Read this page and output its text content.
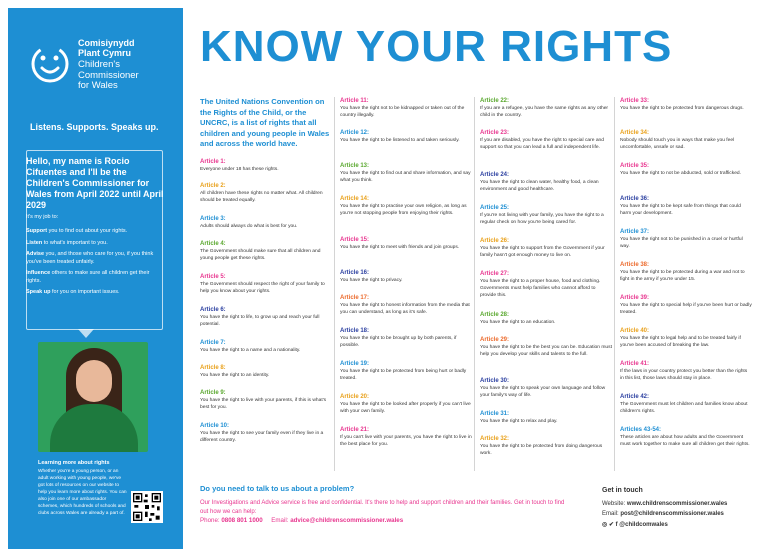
Comisiynydd
Plant Cymru
Children's
Commissioner
for Wales
Listens. Supports. Speaks up.
Hello, my name is Rocio Cifuentes and I'll be the Children's Commissioner for Wales from April 2022 until April 2029
It's my job to:
Support you to find out about your rights.
Listen to what's important to you.
Advise you, and those who care for you, if you think you've been treated unfairly.
Influence others to make sure all children get their rights.
Speak up for you on important issues.
Learning more about rights
Whether you're a young person, or an adult working with young people, we've got lots of resources on our website to help you learn more about rights. You can also join one of our ambassador schemes, which hundreds of schools and clubs across Wales are already a part of.
KNOW YOUR RIGHTS
The United Nations Convention on the Rights of the Child, or the UNCRC, is a list of rights that all children and young people in Wales and across the world have.
Article 1:
Everyone under 18 has these rights.
Article 2:
All children have these rights no matter what. All children should be treated equally.
Article 3:
Adults should always do what is best for you.
Article 4:
The Government should make sure that all children and young people get these rights.
Article 5:
The Government should respect the right of your family to help you know about your rights.
Article 6:
You have the right to life, to grow up and reach your full potential.
Article 7:
You have the right to a name and a nationality.
Article 8:
You have the right to an identity.
Article 9:
You have the right to live with your parents, if this is what's best for you.
Article 10:
You have the right to see your family even if they live in a different country.
Article 11:
You have the right not to be kidnapped or taken out of the country illegally.
Article 12:
You have the right to be listened to and taken seriously.
Article 13:
You have the right to find out and share information, and say what you think.
Article 14:
You have the right to practise your own religion, as long as you're not stopping people from enjoying their rights.
Article 15:
You have the right to meet with friends and join groups.
Article 16:
You have the right to privacy.
Article 17:
You have the right to honest information from the media that you can understand, as long as it's safe.
Article 18:
You have the right to be brought up by both parents, if possible.
Article 19:
You have the right to be protected from being hurt or badly treated.
Article 20:
You have the right to be looked after properly if you can't live with your own family.
Article 21:
If you can't live with your parents, you have the right to live in the best place for you.
Article 22:
If you are a refugee, you have the same rights as any other child in the country.
Article 23:
If you are disabled, you have the right to special care and support so that you can lead a full and independent life.
Article 24:
You have the right to clean water, healthy food, a clean environment and good healthcare.
Article 25:
If you're not living with your family, you have the right to a regular check on how you're being cared for.
Article 26:
You have the right to support from the Government if your family hasn't got enough money to live on.
Article 27:
You have the right to a proper house, food and clothing. Governments must help families who cannot afford to provide this.
Article 28:
You have the right to an education.
Article 29:
You have the right to be the best you can be. Education must help you develop your skills and talents to the full.
Article 30:
You have the right to speak your own language and follow your family's way of life.
Article 31:
You have the right to relax and play.
Article 32:
You have the right to be protected from doing dangerous work.
Article 33:
You have the right to be protected from dangerous drugs.
Article 34:
Nobody should touch you in ways that make you feel uncomfortable, unsafe or sad.
Article 35:
You have the right to not be abducted, sold or trafficked.
Article 36:
You have the right to be kept safe from things that could harm your development.
Article 37:
You have the right not to be punished in a cruel or hurtful way.
Article 38:
You have the right to be protected during a war and not to fight in the army if you're under 15.
Article 39:
You have the right to special help if you've been hurt or badly treated.
Article 40:
You have the right to legal help and to be treated fairly if you've been accused of breaking the law.
Article 41:
If the laws in your country protect you better than the rights in this list, those laws should stay in place.
Article 42:
The Government must let children and families know about children's rights.
Articles 43-54:
These articles are about how adults and the Government must work together to make sure all children get their rights.
Do you need to talk to us about a problem?
Our Investigations and Advice service is free and confidential. It's there to help and support children and their families. Get in touch to find out how we can help:
Phone: 0808 801 1000 Email: advice@childrenscommissioner.wales
Get in touch
Website: www.childrenscommissioner.wales
Email: post@childrenscommissioner.wales
◎ ✔ f @childcomwales
